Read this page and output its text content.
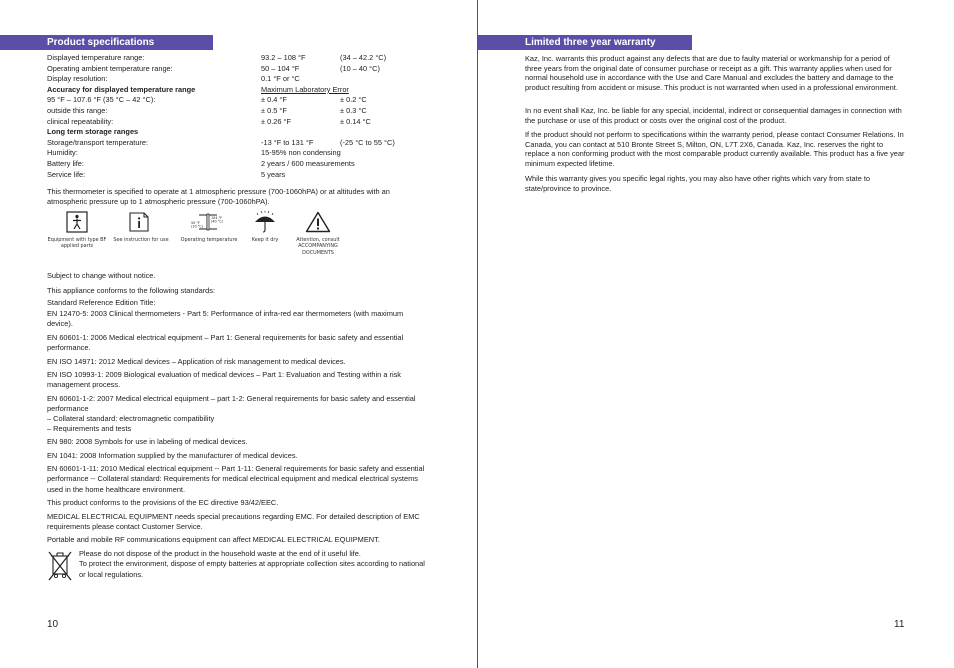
Product specifications
Displayed temperature range:	93.2 – 108 °F	(34 – 42.2 °C)
Operating ambient temperature range:	50 – 104 °F	(10 – 40 °C)
Display resolution:	0.1 °F or °C
Accuracy for displayed temperature range	Maximum Laboratory Error
95 °F – 107.6 °F (35 °C – 42 °C):	± 0.4 °F	± 0.2 °C
outside this range:	± 0.5 °F	± 0.3 °C
clinical repeatability:	± 0.26 °F	± 0.14 °C
Long term storage ranges
Storage/transport temperature:	-13 °F to 131 °F	(-25 °C to 55 °C)
Humidity:	15-95% non condensing
Battery life:	2 years / 600 measurements
Service life:	5 years
This thermometer is specified to operate at 1 atmospheric pressure (700-1060hPA) or at altitudes with an atmospheric pressure up to 1 atmospheric pressure (700-1060hPA).
Equipment with type BF applied parts
See instruction for use
50 °F
(10 °C)
104 °F
(40 °C)
Operating temperature	Keep it dry	Attention, consult ACCOMPANYING DOCUMENTS
Subject to change without notice.
This appliance conforms to the following standards:
Standard Reference Edition Title:
EN 12470-5: 2003 Clinical thermometers - Part 5: Performance of infra-red ear thermometers (with maximum device).
EN 60601-1: 2006 Medical electrical equipment – Part 1: General requirements for basic safety and essential performance.
EN ISO 14971: 2012 Medical devices – Application of risk management to medical devices.
EN ISO 10993-1: 2009 Biological evaluation of medical devices – Part 1: Evaluation and Testing within a risk management process.
EN 60601-1-2: 2007 Medical electrical equipment – part 1-2: General requirements for basic safety and essential performance
– Collateral standard: electromagnetic compatibility
– Requirements and tests
EN 980: 2008 Symbols for use in labeling of medical devices.
EN 1041: 2008 Information supplied by the manufacturer of medical devices.
EN 60601-1-11: 2010 Medical electrical equipment -- Part 1-11: General requirements for basic safety and essential performance -- Collateral standard: Requirements for medical electrical equipment and medical electrical systems used in the home healthcare environment.
This product conforms to the provisions of the EC directive 93/42/EEC.
MEDICAL ELECTRICAL EQUIPMENT needs special precautions regarding EMC. For detailed description of EMC requirements please contact Customer Service.
Portable and mobile RF communications equipment can affect MEDICAL ELECTRICAL EQUIPMENT.
Please do not dispose of the product in the household waste at the end of it useful life.
To protect the environment, dispose of empty batteries at appropriate collection sites according to national or local regulations.
10
Limited three year warranty
Kaz, Inc. warrants this product against any defects that are due to faulty material or workmanship for a period of three years from the original date of consumer purchase or receipt as a gift. This warranty applies when used for normal household use in accordance with the Use and Care Manual and excludes the battery and damage to the product resulting from accident or misuse. This product is not warranted when used in a professional environment.
In no event shall Kaz, Inc. be liable for any special, incidental, indirect or consequential damages in connection with the purchase or use of this product or costs over the original cost of the product.
If the product should not perform to specifications within the warranty period, please contact Consumer Relations. In Canada, you can contact at 510 Bronte Street S, Milton, ON, L7T 2X6, Canada. Kaz, Inc. reserves the right to replace a non conforming product with the most comparable product currently available. This product has a five year minimum expected lifetime.
While this warranty gives you specific legal rights, you may also have other rights which vary from state to state/province to province.
11
